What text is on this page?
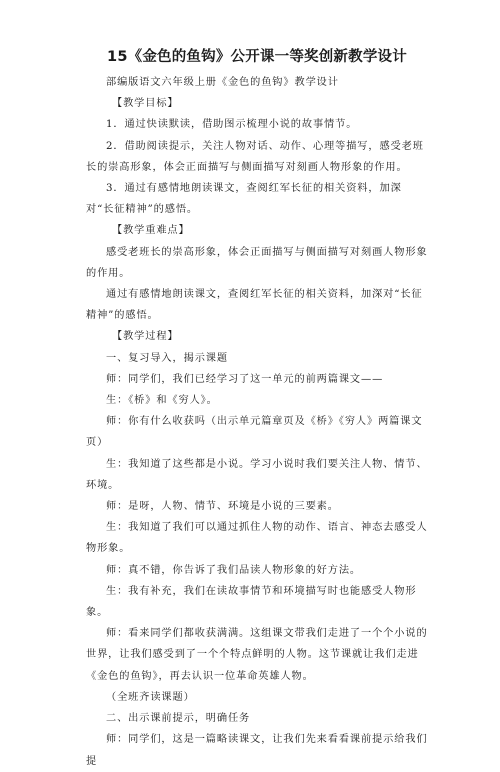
15《金色的鱼钩》公开课一等奖创新教学设计

部编版语文六年级上册《金色的鱼钩》教学设计

【教学目标】

1．通过快读默读，借助图示梳理小说的故事情节。

2．借助阅读提示，关注人物对话、动作、心理等描写，感受老班长的崇高形象，体会正面描写与侧面描写对刻画人物形象的作用。

3．通过有感情地朗读课文，查阅红军长征的相关资料，加深对“长征精神”的感悟。

【教学重难点】

感受老班长的崇高形象，体会正面描写与侧面描写对刻画人物形象的作用。

通过有感情地朗读课文，查阅红军长征的相关资料，加深对“长征精神”的感悟。

【教学过程】

一、复习导入，揭示课题

师：同学们，我们已经学习了这一单元的前两篇课文——

生：《桥》和《穷人》。

师：你有什么收获吗（出示单元篇章页及《桥》《穷人》两篇课文页）

生：我知道了这些都是小说。学习小说时我们要关注人物、情节、环境。

师：是呀，人物、情节、环境是小说的三要素。

生：我知道了我们可以通过抓住人物的动作、语言、神态去感受人物形象。

师：真不错，你告诉了我们品读人物形象的好方法。

生：我有补充，我们在读故事情节和环境描写时也能感受人物形象。

师：看来同学们都收获满满。这组课文带我们走进了一个个小说的世界，让我们感受到了一个个特点鲜明的人物。这节课就让我们走进《金色的鱼钩》，再去认识一位革命英雄人物。

（全班齐读课题）

二、出示课前提示，明确任务

师：同学们，这是一篇略读课文，让我们先来看看课前提示给我们提
